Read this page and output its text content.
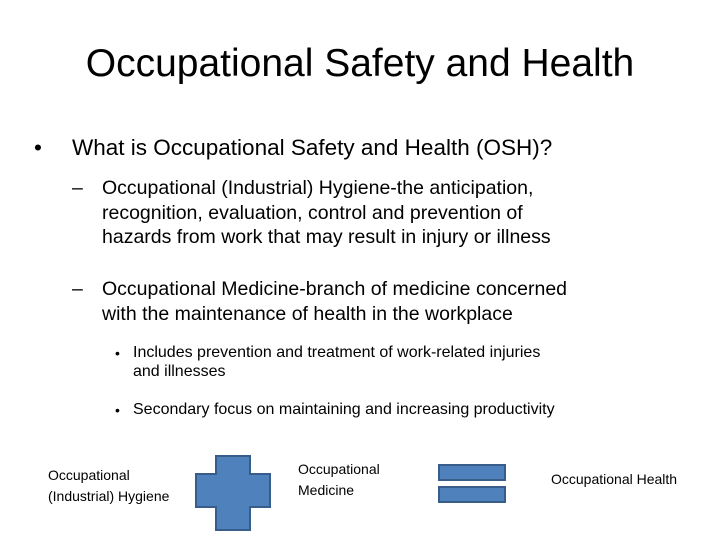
Occupational Safety and Health
• What is Occupational Safety and Health (OSH)?
– Occupational (Industrial) Hygiene-the anticipation,
recognition, evaluation, control and prevention of
hazards from work that may result in injury or illness
– Occupational Medicine-branch of medicine concerned
with the maintenance of health in the workplace
• Includes prevention and treatment of work-related injuries
and illnesses
• Secondary focus on maintaining and increasing productivity
Occupational
(Industrial) Hygiene
Occupational
Medicine
Occupational Health
